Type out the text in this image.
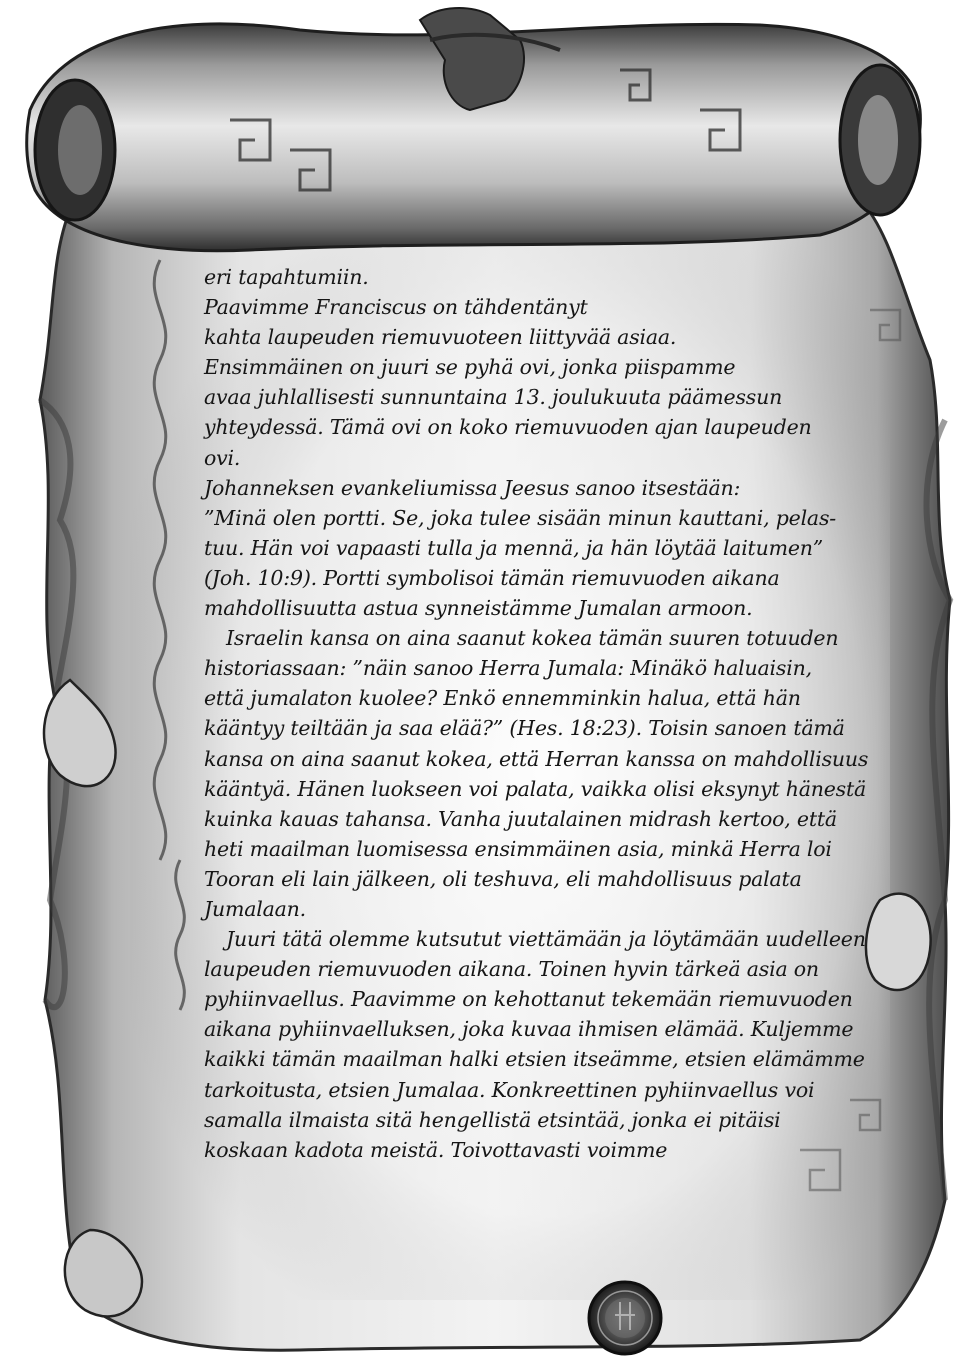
eri tapahtumiin.
Paavimme Franciscus on tähdentänyt
kahta laupeuden riemuvuoteen liittyvää asiaa.
Ensimmäinen on juuri se pyhä ovi, jonka piispamme
avaa juhlallisesti sunnuntaina 13. joulukuuta päämessun
yhteydessä. Tämä ovi on koko riemuvuoden ajan laupeuden
ovi.
Johanneksen evankeliumissa Jeesus sanoo itsestään:
”Minä olen portti. Se, joka tulee sisään minun kauttani, pelas-
tuu. Hän voi vapaasti tulla ja mennä, ja hän löytää laitumen”
(Joh. 10:9). Portti symbolisoi tämän riemuvuoden aikana
mahdollisuutta astua synneistämme Jumalan armoon.
Israelin kansa on aina saanut kokea tämän suuren totuuden
historiassaan: ”näin sanoo Herra Jumala: Minäkö haluaisin,
että jumalaton kuolee? Enkö ennemminkin halua, että hän
kääntyy teiltään ja saa elää?” (Hes. 18:23). Toisin sanoen tämä
kansa on aina saanut kokea, että Herran kanssa on mahdollisuus
kääntyä. Hänen luokseen voi palata, vaikka olisi eksynyt hänestä
kuinka kauas tahansa. Vanha juutalainen midrash kertoo, että
heti maailman luomisessa ensimmäinen asia, minkä Herra loi
Tooran eli lain jälkeen, oli teshuva, eli mahdollisuus palata
Jumalaan.
Juuri tätä olemme kutsutut viettämään ja löytämään uudelleen
laupeuden riemuvuoden aikana. Toinen hyvin tärkeä asia on
pyhiinvaellus. Paavimme on kehottanut tekemään riemuvuoden
aikana pyhiinvaelluksen, joka kuvaa ihmisen elämää. Kuljemme
kaikki tämän maailman halki etsien itseämme, etsien elämämme
tarkoitusta, etsien Jumalaa. Konkreettinen pyhiinvaellus voi
samalla ilmaista sitä hengellistä etsintää, jonka ei pitäisi
koskaan kadota meistä. Toivottavasti voimme
